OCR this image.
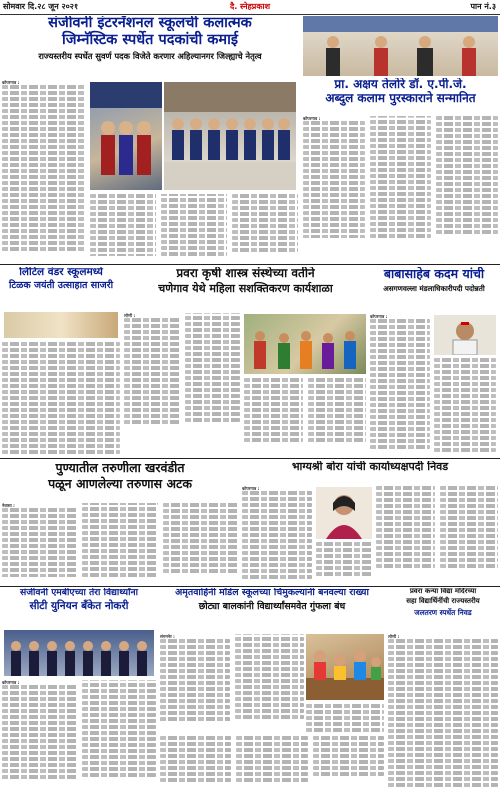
सोमवार दि.२८ जून २०२१	दै. स्नेहप्रकाश	पान नं.३
संजीवनी इंटरनॅशनल स्कूलची कलात्मक
जिम्नॅस्टिक स्पर्धेत पदकांची कमाई
राज्यस्तरीय स्पर्धेत सुवर्ण पदक विजेते करणार अहिल्यानगर जिल्ह्याचे नेतृत्व
कोपरगाव :	प्रा. अक्षय तेलोरे डॉ. ए.पी.जे.
अब्दुल कलाम पुरस्काराने सन्मानित
कोपरगाव :
लिटिल वंडर स्कूलमध्ये
टिळक जयंती उत्साहात साजरी
प्रवरा कृषी शास्त्र संस्थेच्या वतीने
चणेगाव येथे महिला सशक्तिकरण कार्यशाळा
लोणी :
बाबासाहेब कदम यांची
असगणवल्ला मंडलाधिकारीपदी पदोन्नती
कोपरगाव :
पुण्यातील तरुणीला खरवंडीत
पळून आणलेल्या तरुणास अटक
नेवासा :
भाग्यश्री बोरा यांची कार्याध्यक्षपदी निवड
कोपरगाव :
संजीवनी एमबीएच्या तेरा विद्यार्थ्यांना
सीटी युनियन बँकेत नोकरी
कोपरगाव :
अमृतवाहिनी मॉडेल स्कूलच्या चिमुकल्यांनी बनवल्या राख्या
छोट्या बालकांनी विद्यार्थ्यांसमवेत गुंफला बंध
संगमनेर :
प्रवरा कन्या विद्या मंदिरच्या
सहा विद्यार्थिनींची राज्यस्तरीय
जलतरण स्पर्धेत निवड
लोणी :
